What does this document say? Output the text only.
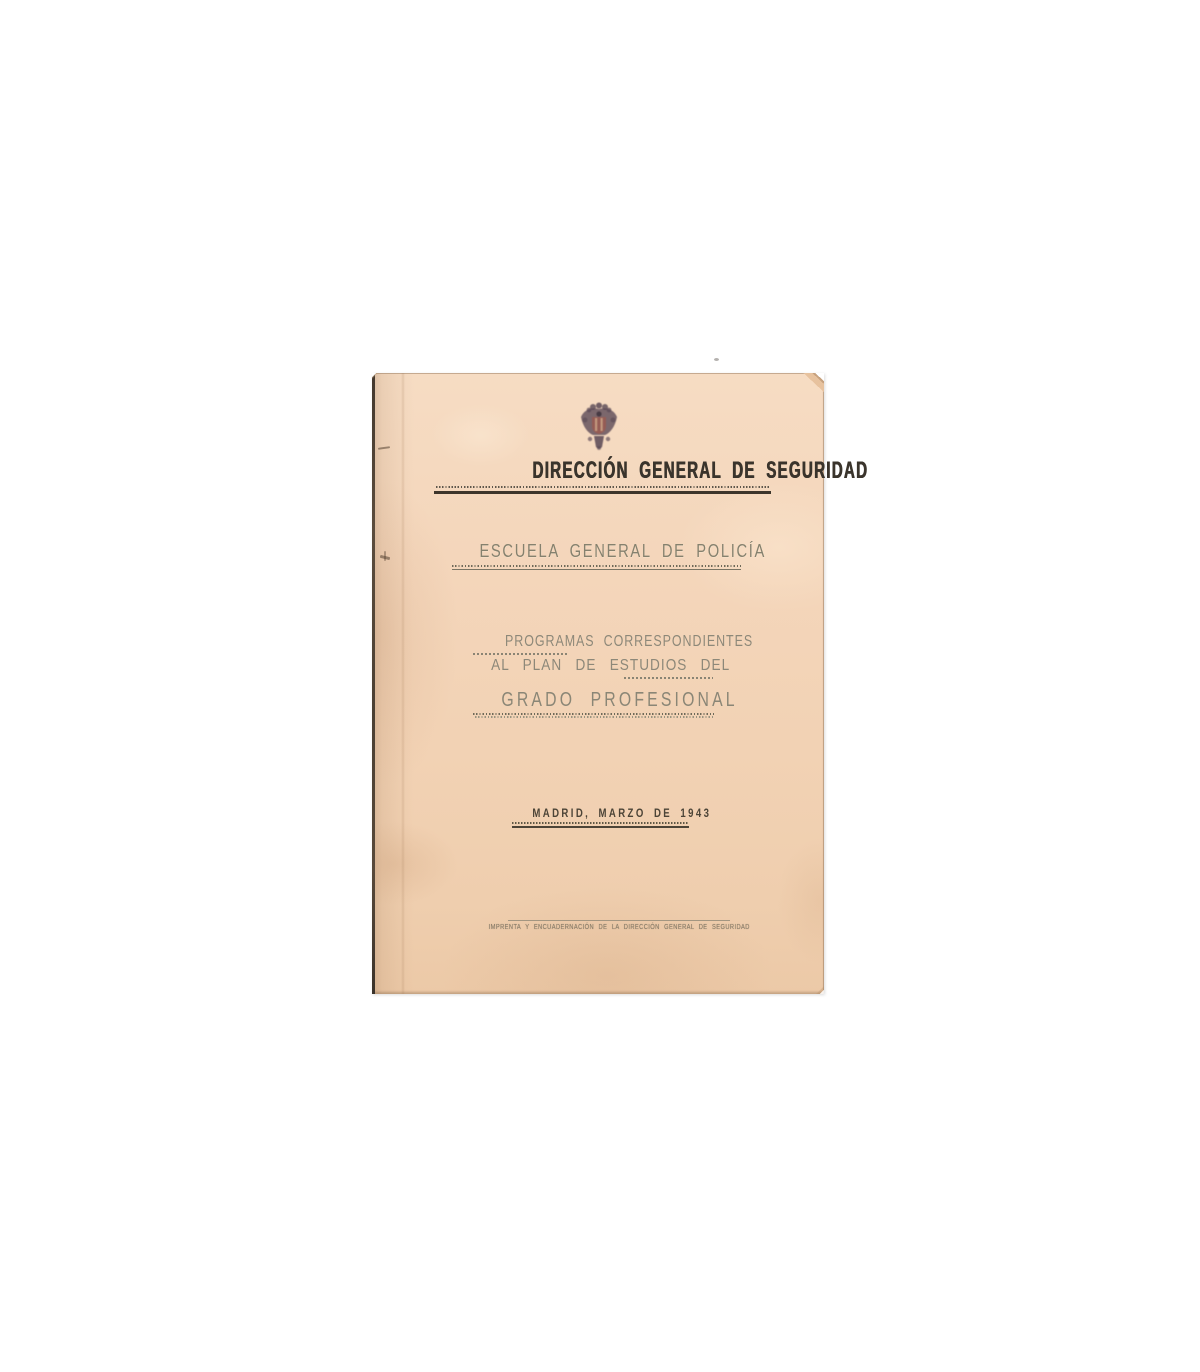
DIRECCIÓN GENERAL DE SEGURIDAD
ESCUELA GENERAL DE POLICÍA
PROGRAMAS CORRESPONDIENTES
AL PLAN DE ESTUDIOS DEL
GRADO PROFESIONAL
MADRID, MARZO DE 1943
IMPRENTA Y ENCUADERNACIÓN DE LA DIRECCIÓN GENERAL DE SEGURIDAD
